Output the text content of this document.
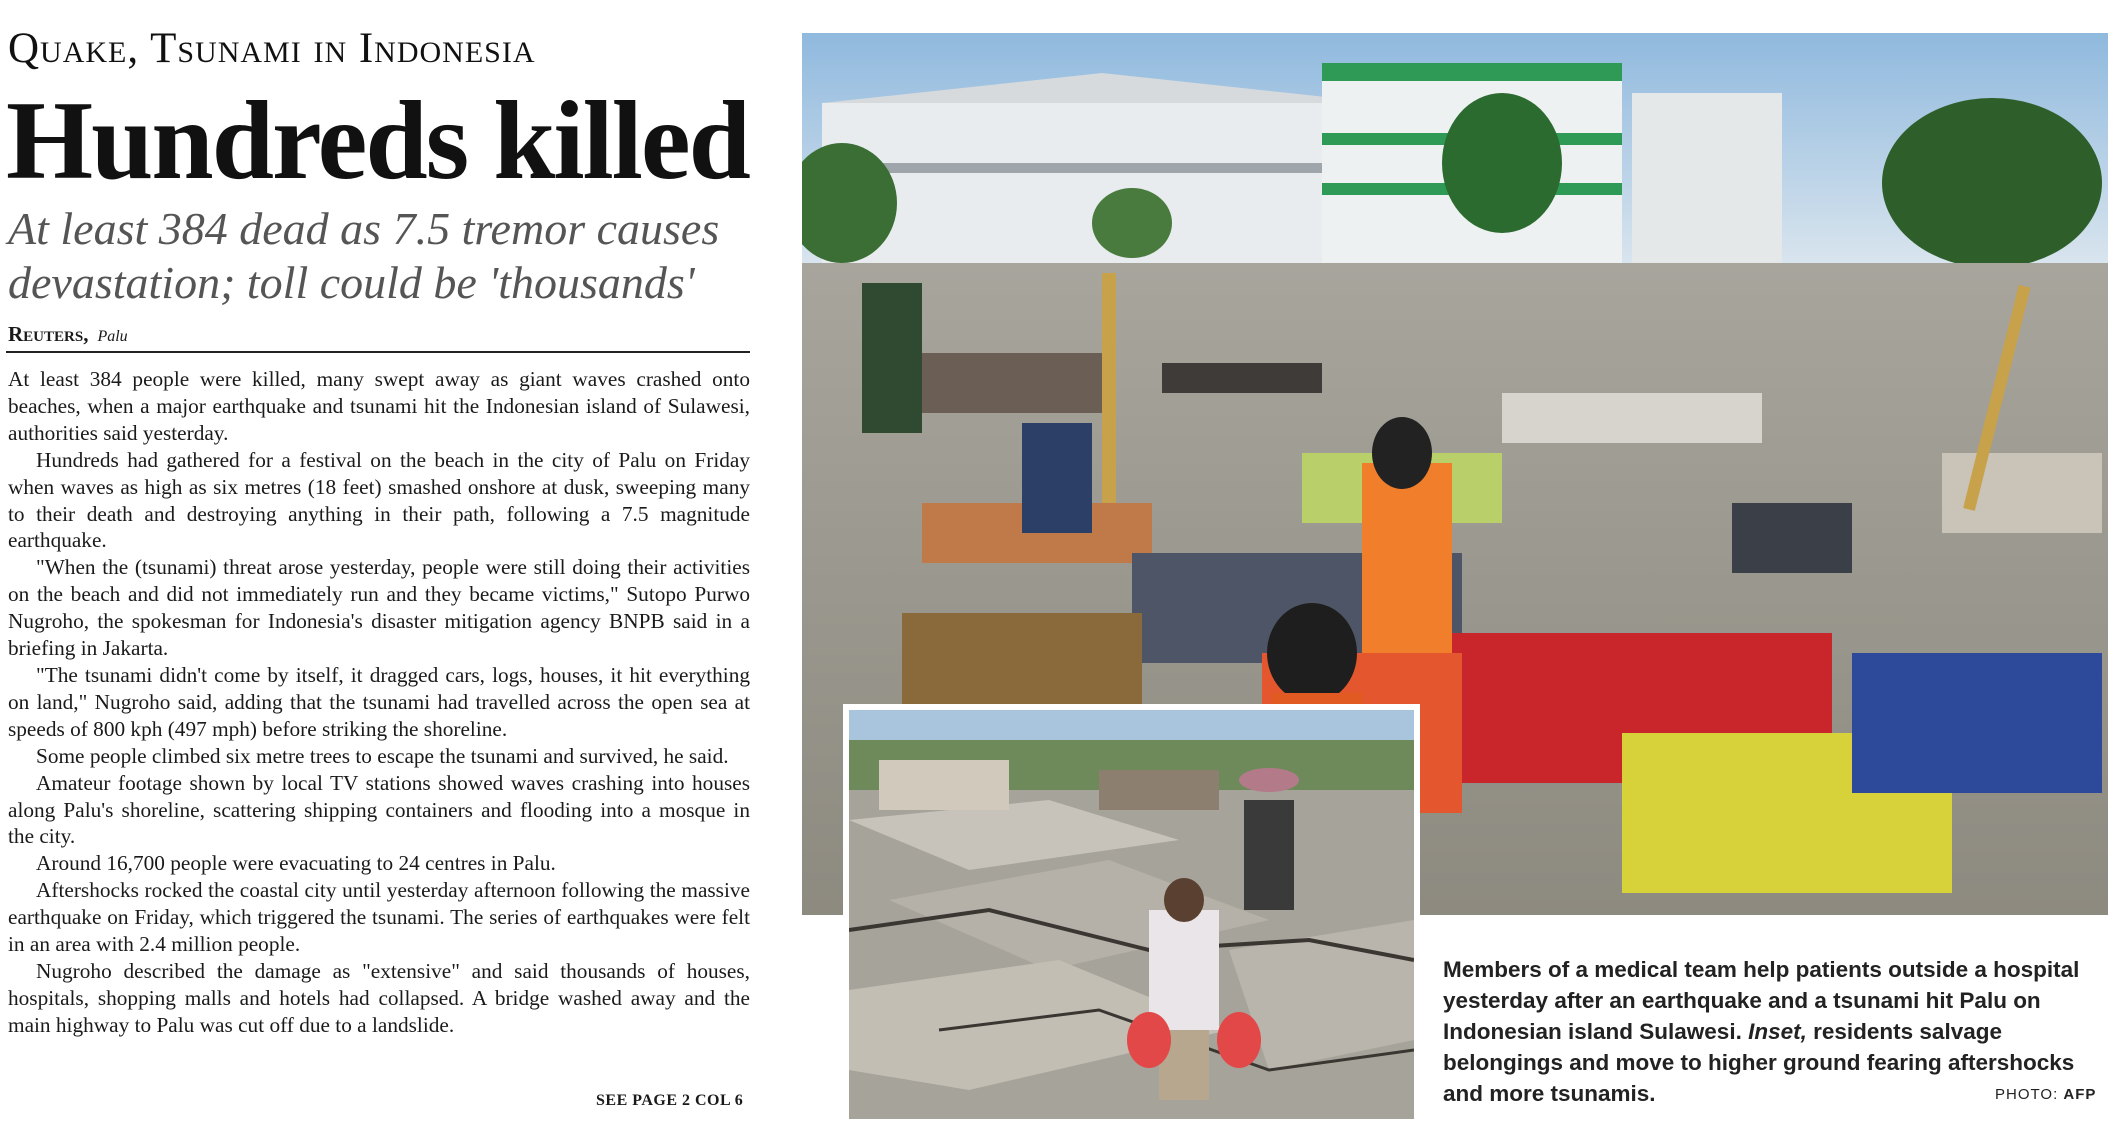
Quake, Tsunami in Indonesia
Hundreds killed
At least 384 dead as 7.5 tremor causes devastation; toll could be 'thousands'
Reuters, Palu

At least 384 people were killed, many swept away as giant waves crashed onto beaches, when a major earthquake and tsunami hit the Indonesian island of Sulawesi, authorities said yesterday.

Hundreds had gathered for a festival on the beach in the city of Palu on Friday when waves as high as six metres (18 feet) smashed onshore at dusk, sweeping many to their death and destroying anything in their path, following a 7.5 magnitude earthquake.

"When the (tsunami) threat arose yesterday, people were still doing their activities on the beach and did not immediately run and they became victims," Sutopo Purwo Nugroho, the spokesman for Indonesia's disaster mitigation agency BNPB said in a briefing in Jakarta.

"The tsunami didn't come by itself, it dragged cars, logs, houses, it hit everything on land," Nugroho said, adding that the tsunami had travelled across the open sea at speeds of 800 kph (497 mph) before striking the shoreline.

Some people climbed six metre trees to escape the tsunami and survived, he said.

Amateur footage shown by local TV stations showed waves crashing into houses along Palu's shoreline, scattering shipping containers and flooding into a mosque in the city.

Around 16,700 people were evacuating to 24 centres in Palu.

Aftershocks rocked the coastal city until yesterday afternoon following the massive earthquake on Friday, which triggered the tsunami. The series of earthquakes were felt in an area with 2.4 million people.

Nugroho described the damage as "extensive" and said thousands of houses, hospitals, shopping malls and hotels had collapsed. A bridge washed away and the main highway to Palu was cut off due to a landslide.

SEE PAGE 2 COL 6
Members of a medical team help patients outside a hospital yesterday after an earthquake and a tsunami hit Palu on Indonesian island Sulawesi. Inset, residents salvage belongings and move to higher ground fearing aftershocks and more tsunamis.	PHOTO: AFP
